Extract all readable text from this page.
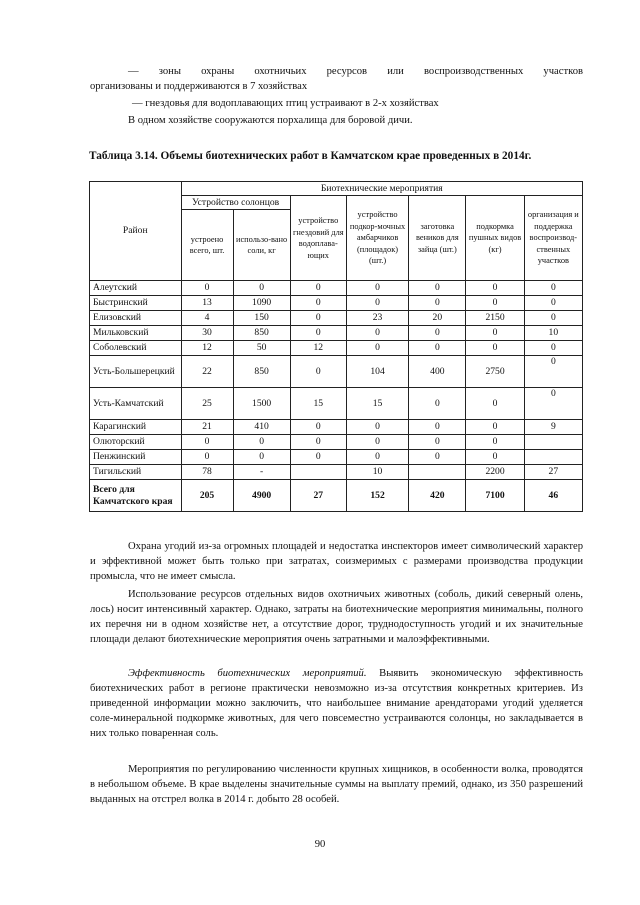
— зоны охраны охотничьих ресурсов или воспроизводственных участков

организованы и поддерживаются в 7 хозяйствах

— гнездовья для водоплавающих птиц устраивают в 2-х хозяйствах

В одном хозяйстве сооружаются порхалища для боровой дичи.

Таблица 3.14. Объемы биотехнических работ в Камчатском крае проведенных в 2014г.

Район	Биотехнические мероприятия						
	Устройство солонцов		устройство гнездовий для водоплава-ющих	устройство подкор-мочных амбарчиков (площадок) (шт.)	заготовка веников для зайца (шт.)	подкормка пушных видов (кг)	организация и поддержка воспроизвод-ственных участков
	устроено всего, шт.	использо-вано соли, кг					
Алеутский	0	0	0	0	0	0	0
Быстринский	13	1090	0	0	0	0	0
Елизовский	4	150	0	23	20	2150	0
Мильковский	30	850	0	0	0	0	10
Соболевский	12	50	12	0	0	0	0
Усть-Большерецкий	22	850	0	104	400	2750	0
Усть-Камчатский	25	1500	15	15	0	0	0
Карагинский	21	410	0	0	0	0	9
Олюторский	0	0	0	0	0	0	
Пенжинский	0	0	0	0	0	0	
Тигильский	78	-		10		2200	27
Всего для Камчатского края	205	4900	27	152	420	7100	46

Охрана угодий из-за огромных площадей и недостатка инспекторов имеет символический характер и эффективной может быть только при затратах, соизмеримых с размерами производства продукции промысла, что не имеет смысла.

Использование ресурсов отдельных видов охотничьих животных (соболь, дикий северный олень, лось) носит интенсивный характер. Однако, затраты на биотехнические мероприятия минимальны, полного их перечня ни в одном хозяйстве нет, а отсутствие дорог, труднодоступность угодий и их значительные площади делают биотехнические мероприятия очень затратными и малоэффективными.

Эффективность биотехнических мероприятий. Выявить экономическую эффективность биотехнических работ в регионе практически невозможно из-за отсутствия конкретных критериев. Из приведенной информации можно заключить, что наибольшее внимание арендаторами угодий уделяется соле-минеральной подкормке животных, для чего повсеместно устраиваются солонцы, но закладывается в них только поваренная соль.

Мероприятия по регулированию численности крупных хищников, в особенности волка, проводятся в небольшом объеме. В крае выделены значительные суммы на выплату премий, однако, из 350 разрешений выданных на отстрел волка в 2014 г. добыто 28 особей.

90
